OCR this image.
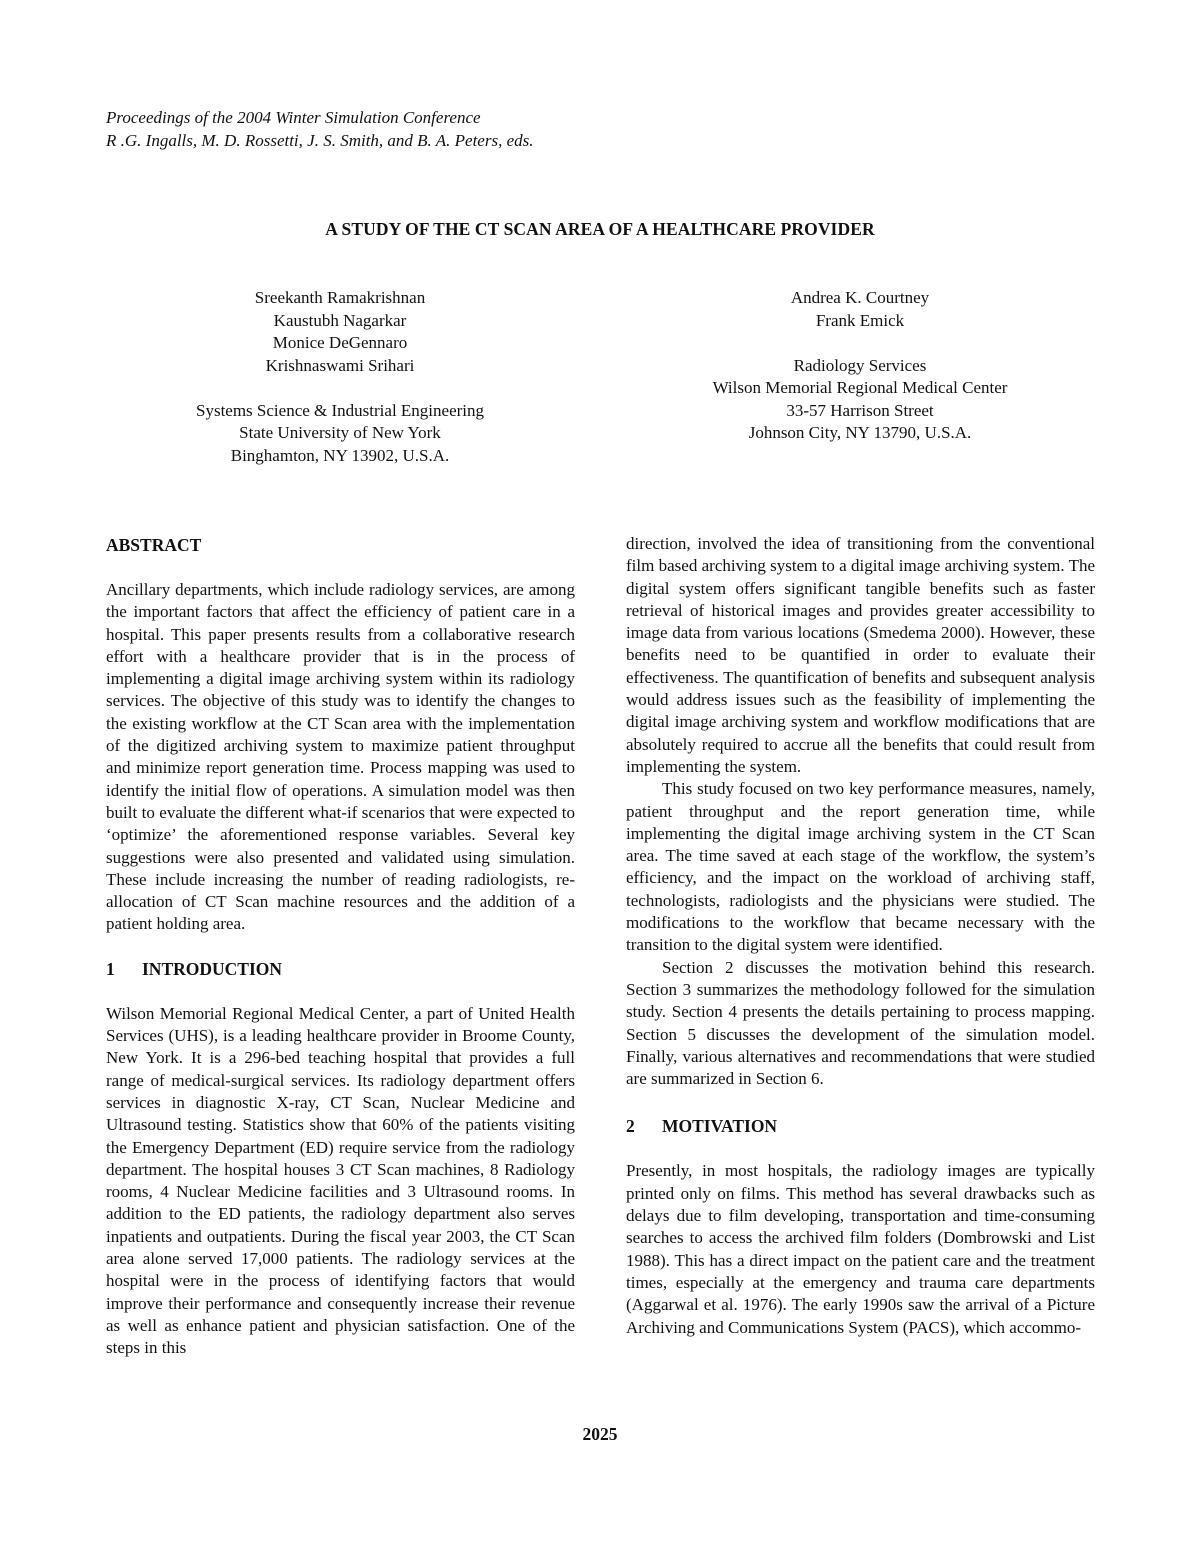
Proceedings of the 2004 Winter Simulation Conference
R .G. Ingalls, M. D. Rossetti, J. S. Smith, and B. A. Peters, eds.
A STUDY OF THE CT SCAN AREA OF A HEALTHCARE PROVIDER
Sreekanth Ramakrishnan
Kaustubh Nagarkar
Monice DeGennaro
Krishnaswami Srihari
Systems Science & Industrial Engineering
State University of New York
Binghamton, NY 13902, U.S.A.
Andrea K. Courtney
Frank Emick
Radiology Services
Wilson Memorial Regional Medical Center
33-57 Harrison Street
Johnson City, NY 13790, U.S.A.
ABSTRACT

Ancillary departments, which include radiology services, are among the important factors that affect the efficiency of patient care in a hospital. This paper presents results from a collaborative research effort with a healthcare provider that is in the process of implementing a digital image archiving system within its radiology services. The objective of this study was to identify the changes to the existing workflow at the CT Scan area with the implementation of the digitized archiving system to maximize patient throughput and minimize report generation time. Process mapping was used to identify the initial flow of operations. A simulation model was then built to evaluate the different what-if scenarios that were expected to ‘optimize’ the aforementioned response variables. Several key suggestions were also presented and validated using simulation. These include increasing the number of reading radiologists, re-allocation of CT Scan machine resources and the addition of a patient holding area.

1 INTRODUCTION

Wilson Memorial Regional Medical Center, a part of United Health Services (UHS), is a leading healthcare provider in Broome County, New York. It is a 296-bed teaching hospital that provides a full range of medical-surgical services. Its radiology department offers services in diagnostic X-ray, CT Scan, Nuclear Medicine and Ultrasound testing. Statistics show that 60% of the patients visiting the Emergency Department (ED) require service from the radiology department. The hospital houses 3 CT Scan machines, 8 Radiology rooms, 4 Nuclear Medicine facilities and 3 Ultrasound rooms. In addition to the ED patients, the radiology department also serves inpatients and outpatients. During the fiscal year 2003, the CT Scan area alone served 17,000 patients. The radiology services at the hospital were in the process of identifying factors that would improve their performance and consequently increase their revenue as well as enhance patient and physician satisfaction. One of the steps in this

direction, involved the idea of transitioning from the conventional film based archiving system to a digital image archiving system. The digital system offers significant tangible benefits such as faster retrieval of historical images and provides greater accessibility to image data from various locations (Smedema 2000). However, these benefits need to be quantified in order to evaluate their effectiveness. The quantification of benefits and subsequent analysis would address issues such as the feasibility of implementing the digital image archiving system and workflow modifications that are absolutely required to accrue all the benefits that could result from implementing the system.

This study focused on two key performance measures, namely, patient throughput and the report generation time, while implementing the digital image archiving system in the CT Scan area. The time saved at each stage of the workflow, the system’s efficiency, and the impact on the workload of archiving staff, technologists, radiologists and the physicians were studied. The modifications to the workflow that became necessary with the transition to the digital system were identified.

Section 2 discusses the motivation behind this research. Section 3 summarizes the methodology followed for the simulation study. Section 4 presents the details pertaining to process mapping. Section 5 discusses the development of the simulation model. Finally, various alternatives and recommendations that were studied are summarized in Section 6.

2 MOTIVATION

Presently, in most hospitals, the radiology images are typically printed only on films. This method has several drawbacks such as delays due to film developing, transportation and time-consuming searches to access the archived film folders (Dombrowski and List 1988). This has a direct impact on the patient care and the treatment times, especially at the emergency and trauma care departments (Aggarwal et al. 1976). The early 1990s saw the arrival of a Picture Archiving and Communications System (PACS), which accommo-

2025
